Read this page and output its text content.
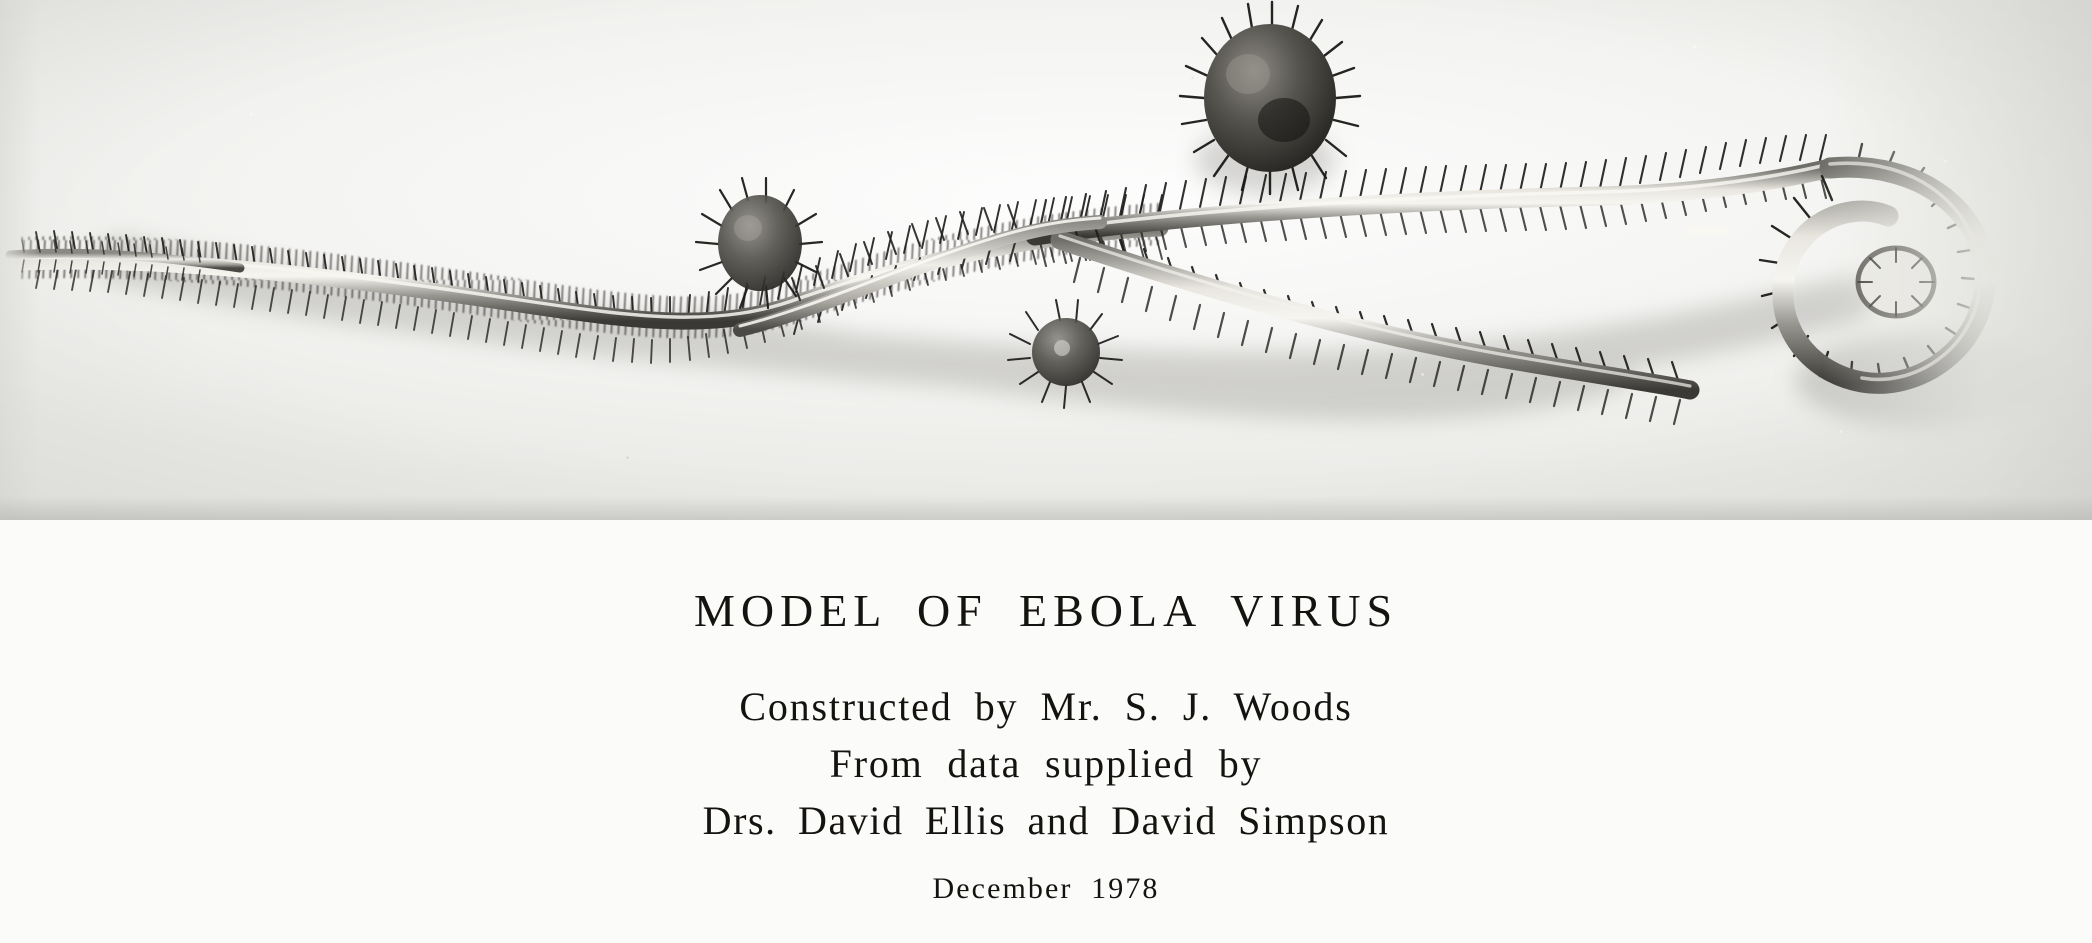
MODEL OF EBOLA VIRUS
Constructed by Mr. S. J. Woods
From data supplied by
Drs. David Ellis and David Simpson
December 1978
